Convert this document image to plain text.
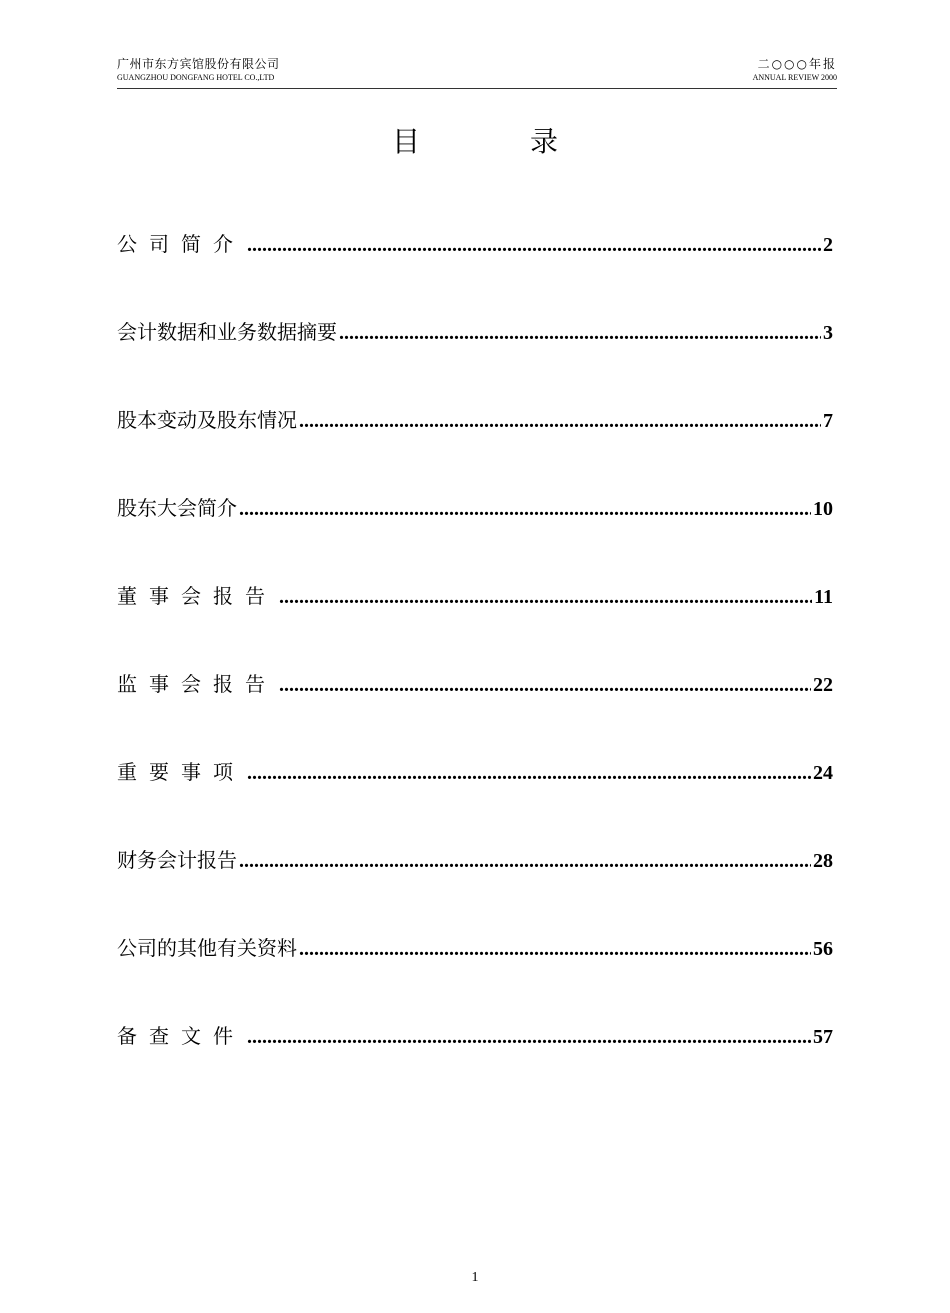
广州市东方宾馆股份有限公司
GUANGZHOU DONGFANG HOTEL CO.,LTD
二○○○年报
ANNUAL REVIEW 2000
目	录
公司简介 .....	2
会计数据和业务数据摘要 .....	3
股本变动及股东情况 .....	7
股东大会简介 .....	10
董事会报告 .....	11
监事会报告 .....	22
重要事项 .....	24
财务会计报告 .....	28
公司的其他有关资料 .....	56
备查文件 .....	57
1
